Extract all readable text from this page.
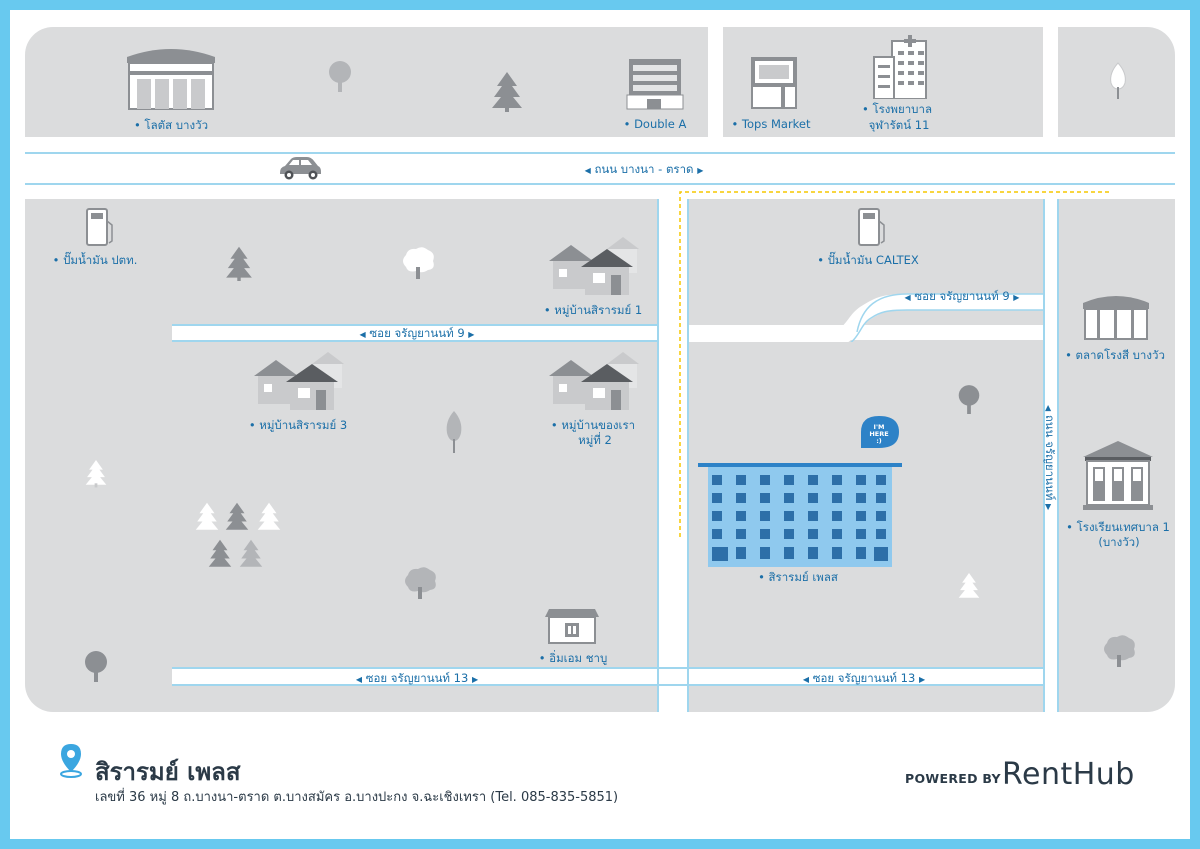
• โลตัส บางวัว	• Double A	• Tops Market
• โรงพยาบาล
จุฬารัตน์ 11
◀ ถนน บางนา - ตราด ▶
• ปั๊มน้ำมัน ปตท.
• หมู่บ้านสิรารมย์ 1
• ปั๊มน้ำมัน CALTEX
◀ ซอย จรัญยานนท์ 9 ▶
◀ ซอย จรัญยานนท์ 9 ▶
• ตลาดโรงสี บางวัว
• หมู่บ้านสิรารมย์ 3	• หมู่บ้านของเรา
หมู่ที่ 2
◀ ถนน จรัญยานนท์ ▶
• โรงเรียนเทศบาล 1
(บางวัว)
• สิรารมย์ เพลส
• อิ่มเอม ชาบู
◀ ซอย จรัญยานนท์ 13 ▶	◀ ซอย จรัญยานนท์ 13 ▶
I'M
HERE
:)
สิรารมย์ เพลส
เลขที่ 36 หมู่ 8 ถ.บางนา-ตราด ต.บางสมัคร อ.บางปะกง จ.ฉะเชิงเทรา (Tel. 085-835-5851)
POWERED BY RentHub
